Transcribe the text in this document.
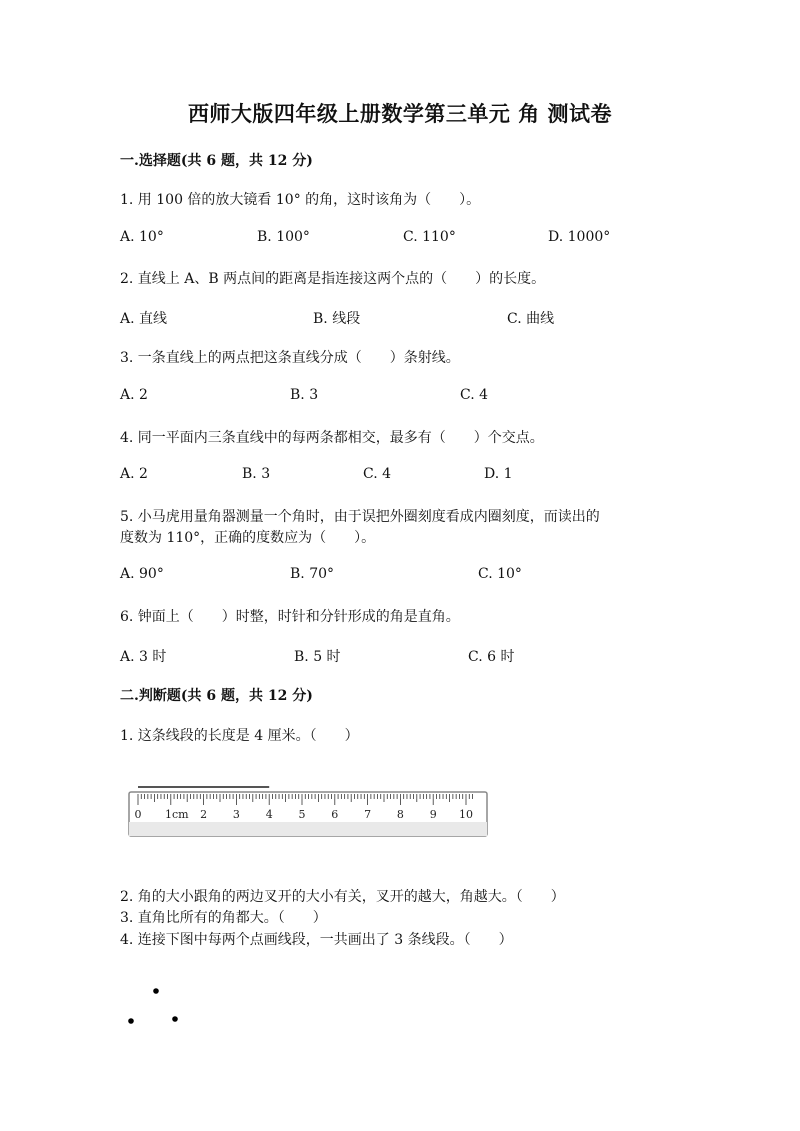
西师大版四年级上册数学第三单元 角 测试卷
一.选择题(共 6 题，共 12 分)
1. 用 100 倍的放大镜看 10° 的角，这时该角为（　　）。
A. 10°	B. 100°	C. 110°	D. 1000°
2. 直线上 A、B 两点间的距离是指连接这两个点的（　　）的长度。
A. 直线	B. 线段	C. 曲线
3. 一条直线上的两点把这条直线分成（　　）条射线。
A. 2	B. 3	C. 4
4. 同一平面内三条直线中的每两条都相交，最多有（　　）个交点。
A. 2	B. 3	C. 4	D. 1
5. 小马虎用量角器测量一个角时，由于误把外圈刻度看成内圈刻度，而读出的
度数为 110°，正确的度数应为（　　）。
A. 90°	B. 70°	C. 10°
6. 钟面上（　　）时整，时针和分针形成的角是直角。
A. 3 时	B. 5 时	C. 6 时
二.判断题(共 6 题，共 12 分)
1. 这条线段的长度是 4 厘米。（　　）
0 1cm 2 3 4 5 6 7 8 9 10
2. 角的大小跟角的两边叉开的大小有关，叉开的越大，角越大。（　　）
3. 直角比所有的角都大。（　　）
4. 连接下图中每两个点画线段，一共画出了 3 条线段。（　　）
